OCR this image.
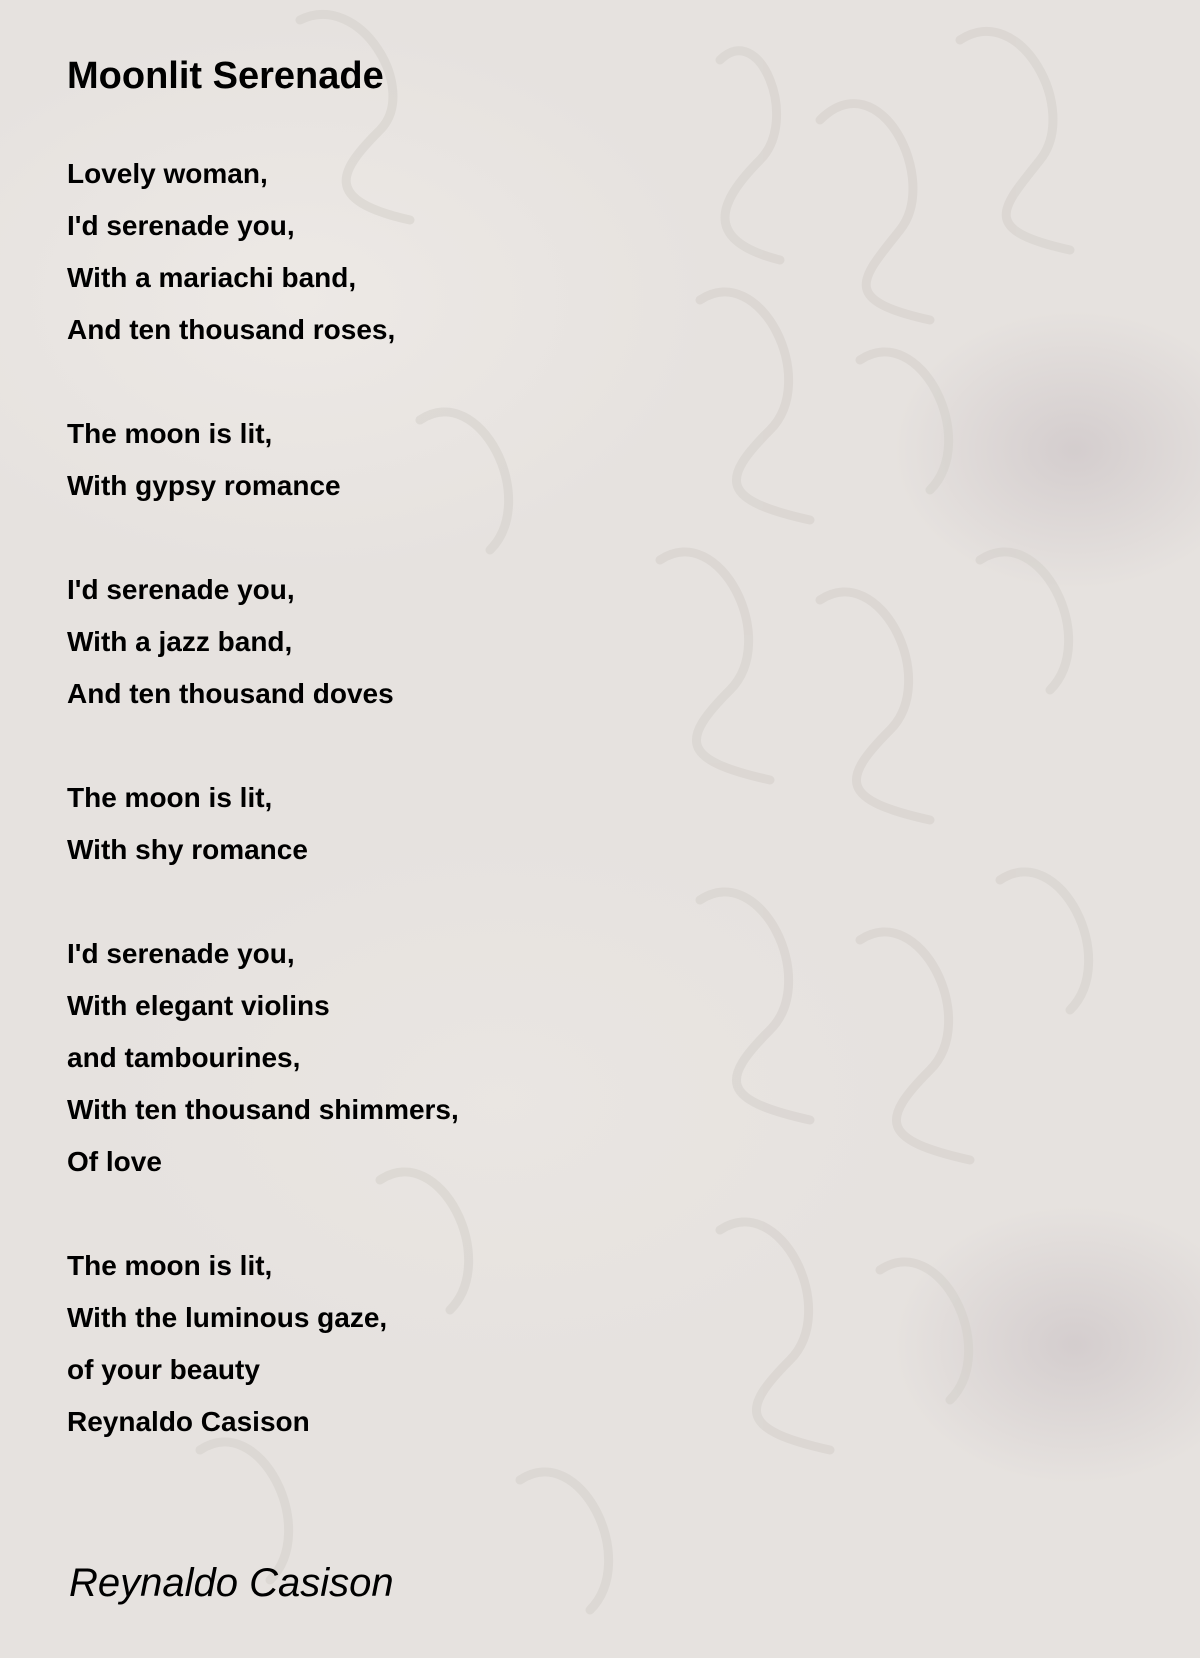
Moonlit Serenade
Lovely woman,
I'd serenade you,
With a mariachi band,
And ten thousand roses,
The moon is lit,
With gypsy romance
I'd serenade you,
With a jazz band,
And ten thousand doves
The moon is lit,
With shy romance
I'd serenade you,
With elegant violins
and tambourines,
With ten thousand shimmers,
Of love
The moon is lit,
With the luminous gaze,
of your beauty
Reynaldo Casison
Reynaldo Casison
